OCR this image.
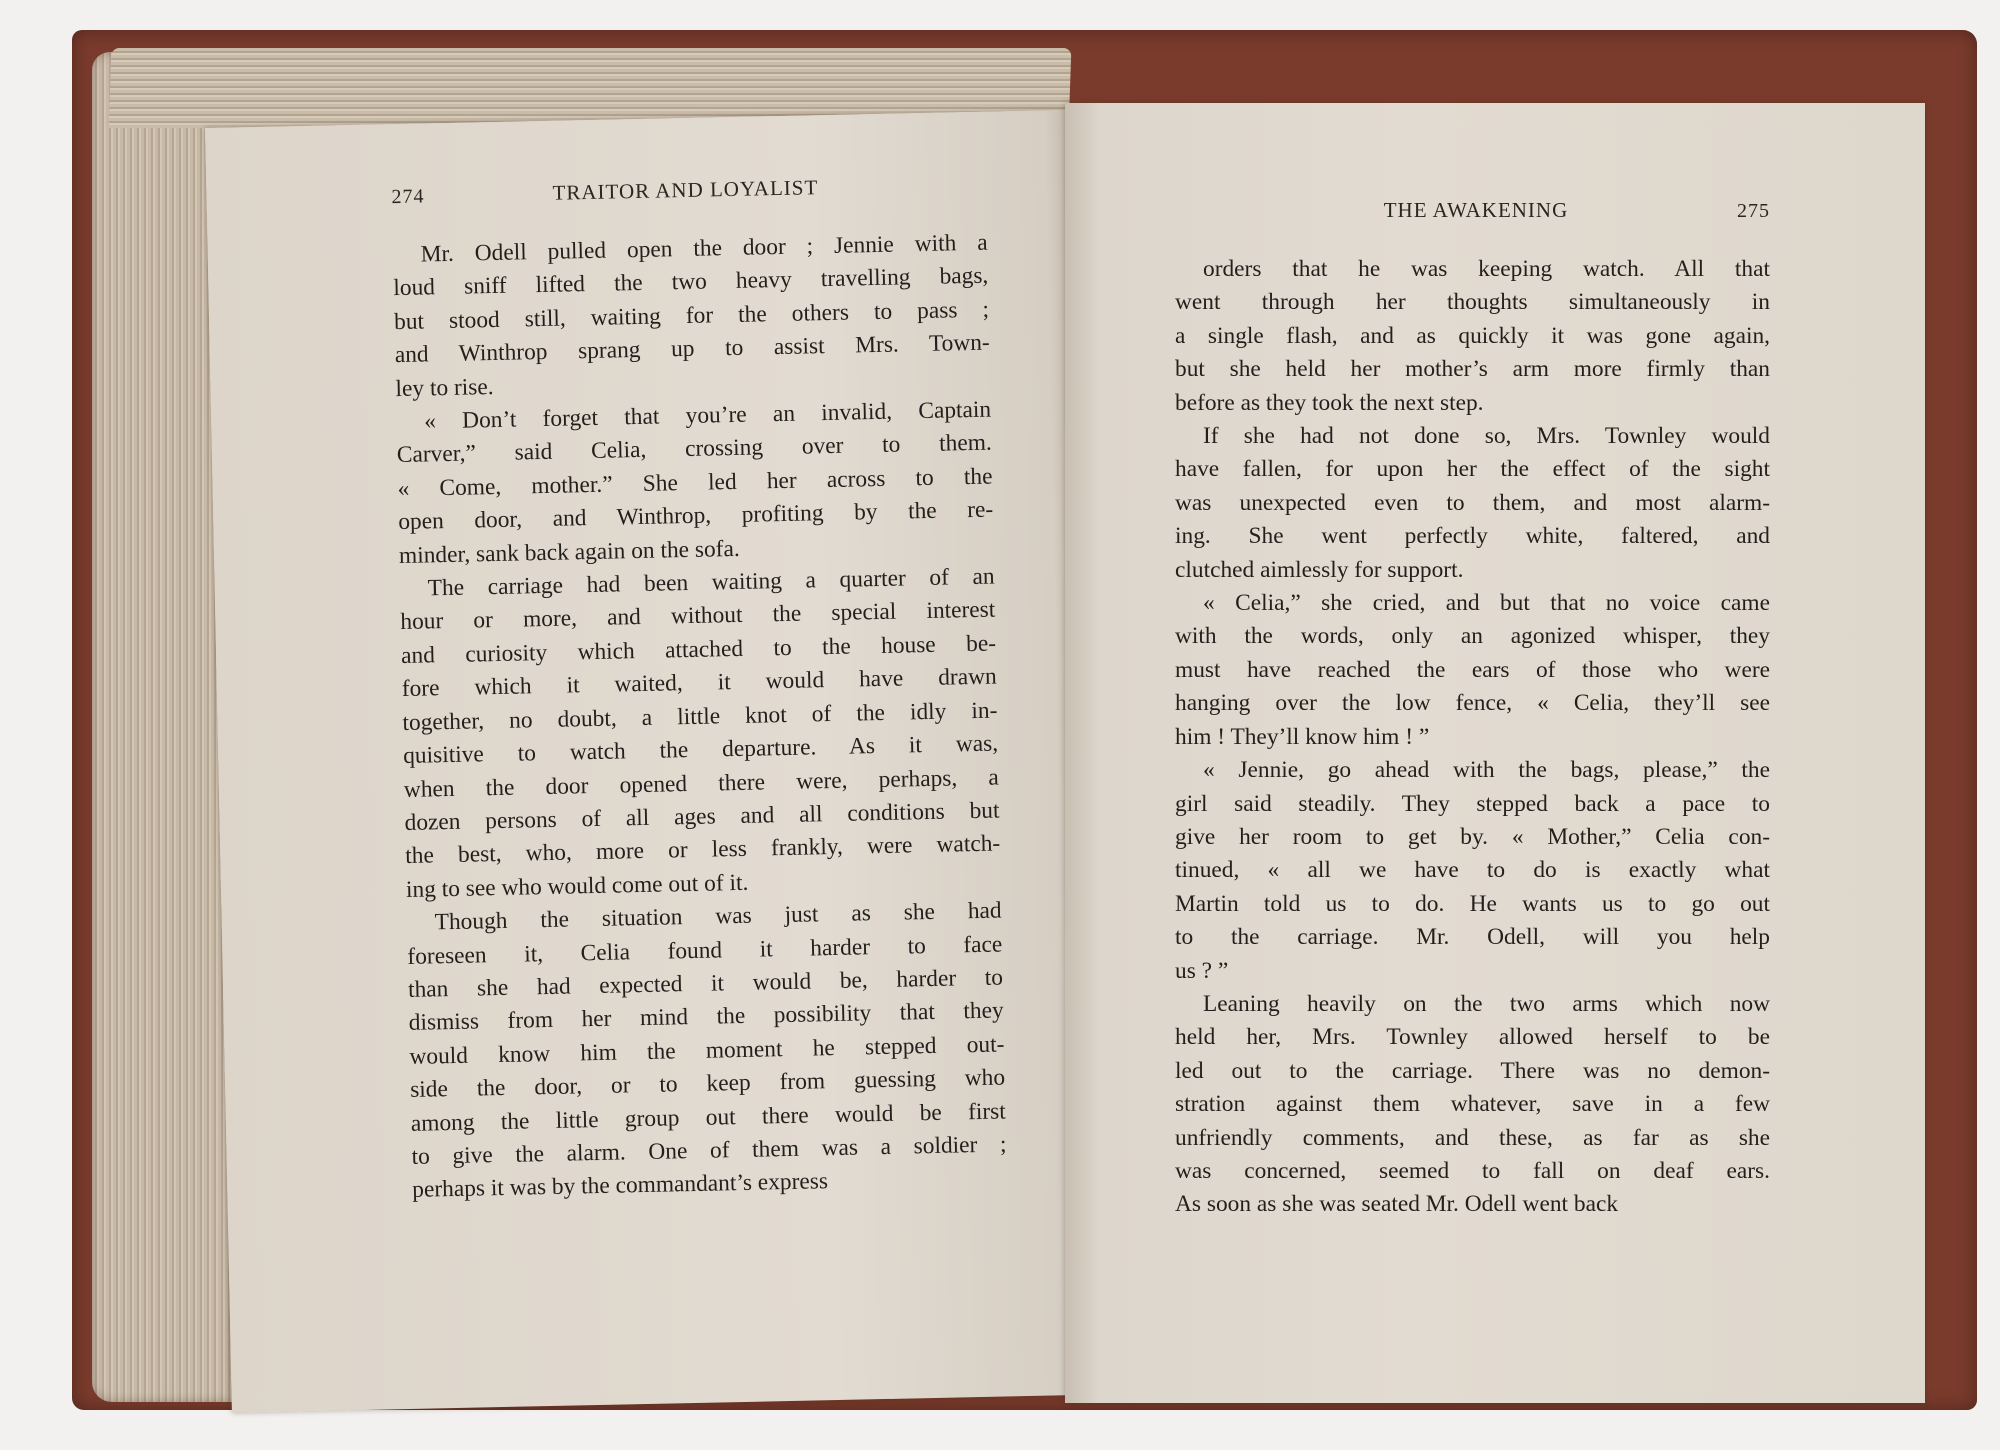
274	TRAITOR AND LOYALIST

Mr. Odell pulled open the door ; Jennie with a

loud sniff lifted the two heavy travelling bags,

but stood still, waiting for the others to pass ;

and Winthrop sprang up to assist Mrs. Town-

ley to rise.

« Don’t forget that you’re an invalid, Captain

Carver,” said Celia, crossing over to them.

« Come, mother.” She led her across to the

open door, and Winthrop, profiting by the re-

minder, sank back again on the sofa.

The carriage had been waiting a quarter of an

hour or more, and without the special interest

and curiosity which attached to the house be-

fore which it waited, it would have drawn

together, no doubt, a little knot of the idly in-

quisitive to watch the departure. As it was,

when the door opened there were, perhaps, a

dozen persons of all ages and all conditions but

the best, who, more or less frankly, were watch-

ing to see who would come out of it.

Though the situation was just as she had

foreseen it, Celia found it harder to face

than she had expected it would be, harder to

dismiss from her mind the possibility that they

would know him the moment he stepped out-

side the door, or to keep from guessing who

among the little group out there would be first

to give the alarm. One of them was a soldier ;

perhaps it was by the commandant’s express

THE AWAKENING	275

orders that he was keeping watch. All that

went through her thoughts simultaneously in

a single flash, and as quickly it was gone again,

but she held her mother’s arm more firmly than

before as they took the next step.

If she had not done so, Mrs. Townley would

have fallen, for upon her the effect of the sight

was unexpected even to them, and most alarm-

ing. She went perfectly white, faltered, and

clutched aimlessly for support.

« Celia,” she cried, and but that no voice came

with the words, only an agonized whisper, they

must have reached the ears of those who were

hanging over the low fence, « Celia, they’ll see

him ! They’ll know him ! ”

« Jennie, go ahead with the bags, please,” the

girl said steadily. They stepped back a pace to

give her room to get by. « Mother,” Celia con-

tinued, « all we have to do is exactly what

Martin told us to do. He wants us to go out

to the carriage. Mr. Odell, will you help

us ? ”

Leaning heavily on the two arms which now

held her, Mrs. Townley allowed herself to be

led out to the carriage. There was no demon-

stration against them whatever, save in a few

unfriendly comments, and these, as far as she

was concerned, seemed to fall on deaf ears.

As soon as she was seated Mr. Odell went back
